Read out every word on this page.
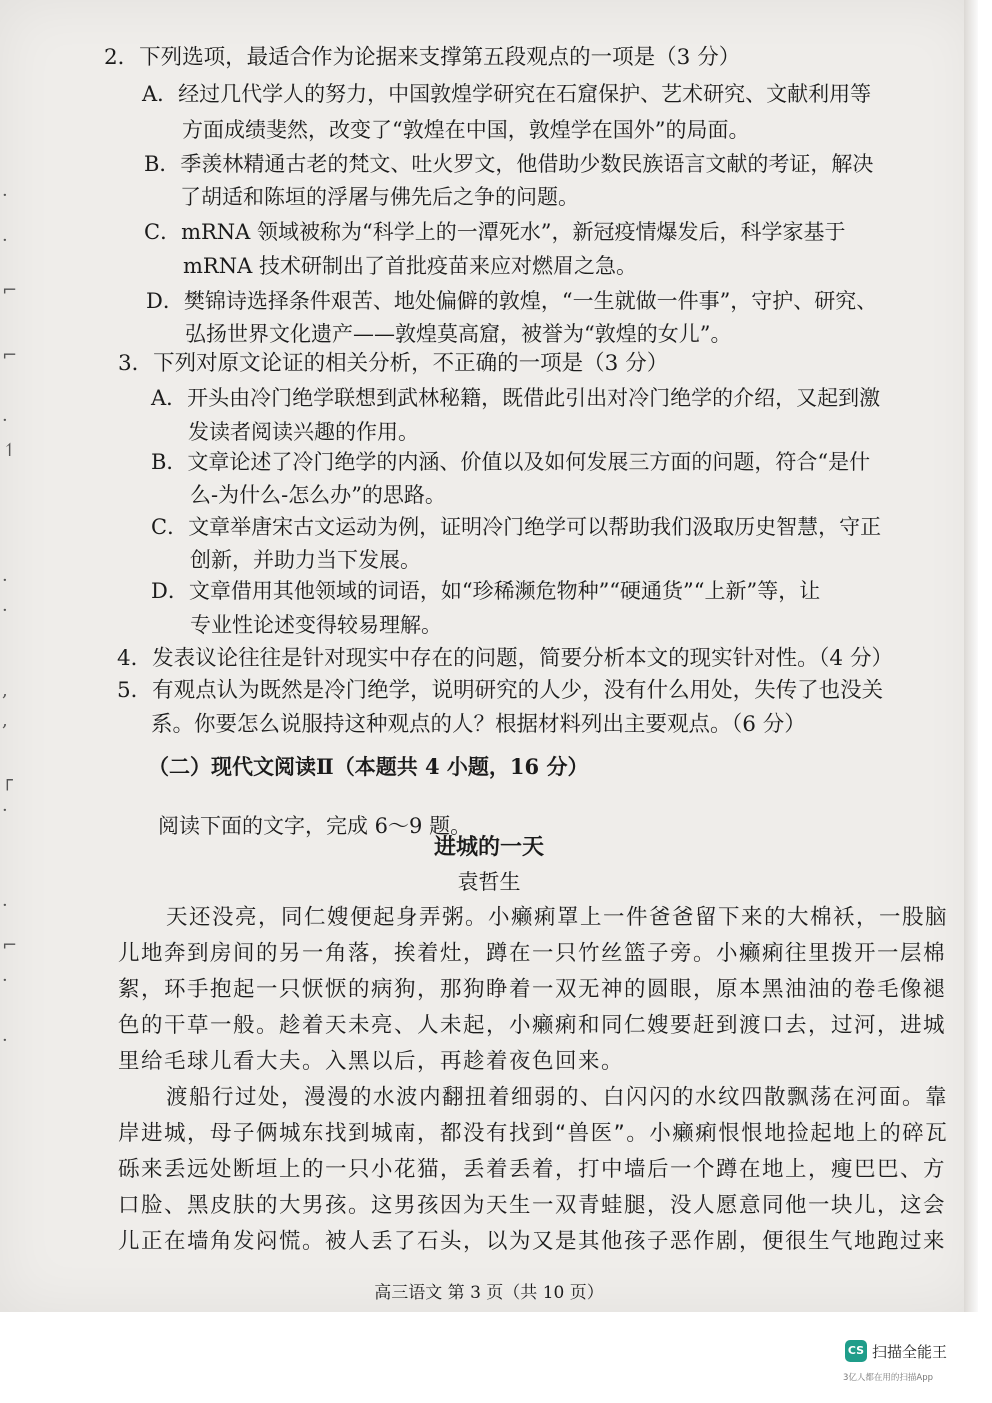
·
·
⌐
⌐
·
↿
·
·
,
,
┌
·
·
⌐
·
·
2．下列选项，最适合作为论据来支撑第五段观点的一项是（3 分）
A．经过几代学人的努力，中国敦煌学研究在石窟保护、艺术研究、文献利用等
方面成绩斐然，改变了“敦煌在中国，敦煌学在国外”的局面。
B．季羡林精通古老的梵文、吐火罗文，他借助少数民族语言文献的考证，解决
了胡适和陈垣的浮屠与佛先后之争的问题。
C．mRNA 领域被称为“科学上的一潭死水”，新冠疫情爆发后，科学家基于
mRNA 技术研制出了首批疫苗来应对燃眉之急。
D．樊锦诗选择条件艰苦、地处偏僻的敦煌，“一生就做一件事”，守护、研究、
弘扬世界文化遗产——敦煌莫高窟，被誉为“敦煌的女儿”。
3．下列对原文论证的相关分析，不正确的一项是（3 分）
A．开头由冷门绝学联想到武林秘籍，既借此引出对冷门绝学的介绍，又起到激
发读者阅读兴趣的作用。
B．文章论述了冷门绝学的内涵、价值以及如何发展三方面的问题，符合“是什
么-为什么-怎么办”的思路。
C．文章举唐宋古文运动为例，证明冷门绝学可以帮助我们汲取历史智慧，守正
创新，并助力当下发展。
D．文章借用其他领域的词语，如“珍稀濒危物种”“硬通货”“上新”等，让
专业性论述变得较易理解。
4．发表议论往往是针对现实中存在的问题，简要分析本文的现实针对性。（4 分）
5．有观点认为既然是冷门绝学，说明研究的人少，没有什么用处，失传了也没关
系。你要怎么说服持这种观点的人？根据材料列出主要观点。（6 分）
（二）现代文阅读Ⅱ（本题共 4 小题，16 分）
阅读下面的文字，完成 6～9 题。
进城的一天
袁哲生
天还没亮，同仁嫂便起身弄粥。小癞痢罩上一件爸爸留下来的大棉袄，一股脑
儿地奔到房间的另一角落，挨着灶，蹲在一只竹丝篮子旁。小癞痢往里拨开一层棉
絮，环手抱起一只恹恹的病狗，那狗睁着一双无神的圆眼，原本黑油油的卷毛像褪
色的干草一般。趁着天未亮、人未起，小癞痢和同仁嫂要赶到渡口去，过河，进城
里给毛球儿看大夫。入黑以后，再趁着夜色回来。
渡船行过处，漫漫的水波内翻扭着细弱的、白闪闪的水纹四散飘荡在河面。靠
岸进城，母子俩城东找到城南，都没有找到“兽医”。小癞痢恨恨地捡起地上的碎瓦
砾来丢远处断垣上的一只小花猫，丢着丢着，打中墙后一个蹲在地上，瘦巴巴、方
口脸、黑皮肤的大男孩。这男孩因为天生一双青蛙腿，没人愿意同他一块儿，这会
儿正在墙角发闷慌。被人丢了石头，以为又是其他孩子恶作剧，便很生气地跑过来
高三语文 第 3 页（共 10 页）
CS 扫描全能王
3亿人都在用的扫描App
